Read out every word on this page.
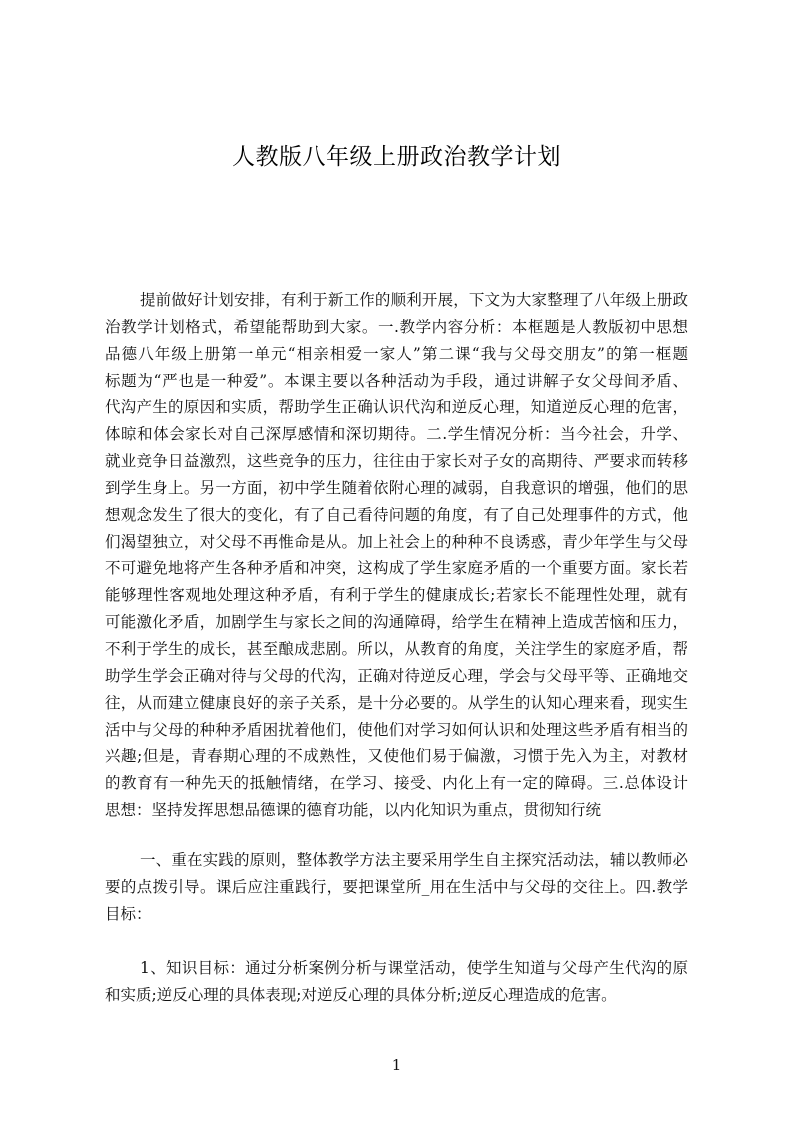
人教版八年级上册政治教学计划
提前做好计划安排，有利于新工作的顺利开展，下文为大家整理了八年级上册政
治教学计划格式，希望能帮助到大家。一.教学内容分析：本框题是人教版初中思想
品德八年级上册第一单元“相亲相爱一家人”第二课“我与父母交朋友”的第一框题
标题为“严也是一种爱”。本课主要以各种活动为手段，通过讲解子女父母间矛盾、
代沟产生的原因和实质，帮助学生正确认识代沟和逆反心理，知道逆反心理的危害，
体晾和体会家长对自己深厚感情和深切期待。二.学生情况分析：当今社会，升学、
就业竞争日益激烈，这些竞争的压力，往往由于家长对子女的高期待、严要求而转移
到学生身上。另一方面，初中学生随着依附心理的减弱，自我意识的增强，他们的思
想观念发生了很大的变化，有了自己看待问题的角度，有了自己处理事件的方式，他
们渴望独立，对父母不再惟命是从。加上社会上的种种不良诱惑，青少年学生与父母
不可避免地将产生各种矛盾和冲突，这构成了学生家庭矛盾的一个重要方面。家长若
能够理性客观地处理这种矛盾，有利于学生的健康成长;若家长不能理性处理，就有
可能激化矛盾，加剧学生与家长之间的沟通障碍，给学生在精神上造成苦恼和压力，
不利于学生的成长，甚至酿成悲剧。所以，从教育的角度，关注学生的家庭矛盾，帮
助学生学会正确对待与父母的代沟，正确对待逆反心理，学会与父母平等、正确地交
往，从而建立健康良好的亲子关系，是十分必要的。从学生的认知心理来看，现实生
活中与父母的种种矛盾困扰着他们，使他们对学习如何认识和处理这些矛盾有相当的
兴趣;但是，青春期心理的不成熟性，又使他们易于偏激，习惯于先入为主，对教材
的教育有一种先天的抵触情绪，在学习、接受、内化上有一定的障碍。三.总体设计
思想：坚持发挥思想品德课的德育功能，以内化知识为重点，贯彻知行统
一、重在实践的原则，整体教学方法主要采用学生自主探究活动法，辅以教师必
要的点拨引导。课后应注重践行，要把课堂所_用在生活中与父母的交往上。四.教学
目标：
1、知识目标：通过分析案例分析与课堂活动，使学生知道与父母产生代沟的原
和实质;逆反心理的具体表现;对逆反心理的具体分析;逆反心理造成的危害。
1
